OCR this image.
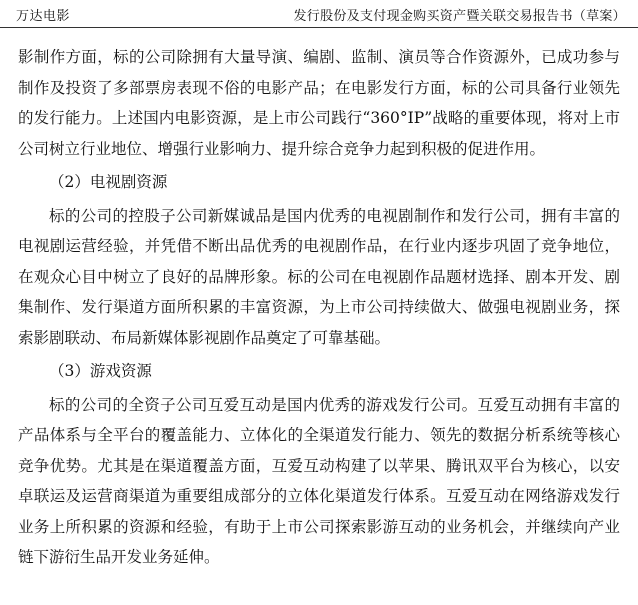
万达电影	发行股份及支付现金购买资产暨关联交易报告书（草案）

影制作方面，标的公司除拥有大量导演、编剧、监制、演员等合作资源外，已成功参与制作及投资了多部票房表现不俗的电影产品；在电影发行方面，标的公司具备行业领先的发行能力。上述国内电影资源，是上市公司践行“360°IP”战略的重要体现，将对上市公司树立行业地位、增强行业影响力、提升综合竞争力起到积极的促进作用。

（2）电视剧资源

标的公司的控股子公司新媒诚品是国内优秀的电视剧制作和发行公司，拥有丰富的电视剧运营经验，并凭借不断出品优秀的电视剧作品，在行业内逐步巩固了竞争地位，在观众心目中树立了良好的品牌形象。标的公司在电视剧作品题材选择、剧本开发、剧集制作、发行渠道方面所积累的丰富资源，为上市公司持续做大、做强电视剧业务，探索影剧联动、布局新媒体影视剧作品奠定了可靠基础。

（3）游戏资源

标的公司的全资子公司互爱互动是国内优秀的游戏发行公司。互爱互动拥有丰富的产品体系与全平台的覆盖能力、立体化的全渠道发行能力、领先的数据分析系统等核心竞争优势。尤其是在渠道覆盖方面，互爱互动构建了以苹果、腾讯双平台为核心，以安卓联运及运营商渠道为重要组成部分的立体化渠道发行体系。互爱互动在网络游戏发行业务上所积累的资源和经验，有助于上市公司探索影游互动的业务机会，并继续向产业链下游衍生品开发业务延伸。
